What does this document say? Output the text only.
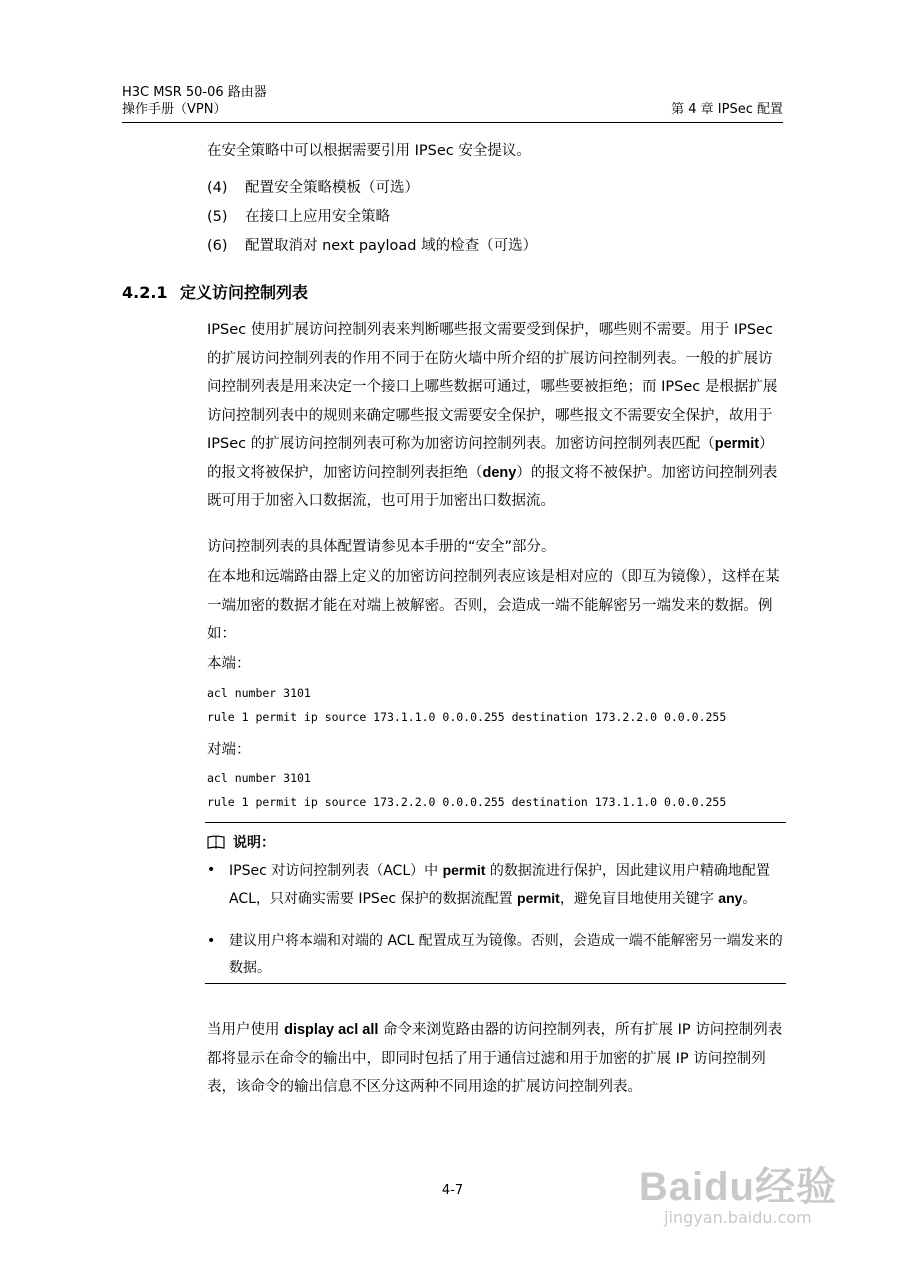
H3C MSR 50-06 路由器
操作手册（VPN）	第 4 章 IPSec 配置
在安全策略中可以根据需要引用 IPSec 安全提议。
(4) 配置安全策略模板（可选）
(5) 在接口上应用安全策略
(6) 配置取消对 next payload 域的检查（可选）
4.2.1 定义访问控制列表
IPSec 使用扩展访问控制列表来判断哪些报文需要受到保护，哪些则不需要。用于 IPSec 的扩展访问控制列表的作用不同于在防火墙中所介绍的扩展访问控制列表。一般的扩展访问控制列表是用来决定一个接口上哪些数据可通过，哪些要被拒绝；而 IPSec 是根据扩展访问控制列表中的规则来确定哪些报文需要安全保护，哪些报文不需要安全保护，故用于 IPSec 的扩展访问控制列表可称为加密访问控制列表。加密访问控制列表匹配（permit）的报文将被保护，加密访问控制列表拒绝（deny）的报文将不被保护。加密访问控制列表既可用于加密入口数据流，也可用于加密出口数据流。
访问控制列表的具体配置请参见本手册的“安全”部分。
在本地和远端路由器上定义的加密访问控制列表应该是相对应的（即互为镜像），这样在某一端加密的数据才能在对端上被解密。否则，会造成一端不能解密另一端发来的数据。例如：
本端：
acl number 3101
rule 1 permit ip source 173.1.1.0 0.0.0.255 destination 173.2.2.0 0.0.0.255
对端：
acl number 3101
rule 1 permit ip source 173.2.2.0 0.0.0.255 destination 173.1.1.0 0.0.0.255
说明：
• IPSec 对访问控制列表（ACL）中 permit 的数据流进行保护，因此建议用户精确地配置 ACL，只对确实需要 IPSec 保护的数据流配置 permit，避免盲目地使用关键字 any。
• 建议用户将本端和对端的 ACL 配置成互为镜像。否则，会造成一端不能解密另一端发来的数据。
当用户使用 display acl all 命令来浏览路由器的访问控制列表，所有扩展 IP 访问控制列表都将显示在命令的输出中，即同时包括了用于通信过滤和用于加密的扩展 IP 访问控制列表，该命令的输出信息不区分这两种不同用途的扩展访问控制列表。
4-7	Baidu经验
jingyan.baidu.com
